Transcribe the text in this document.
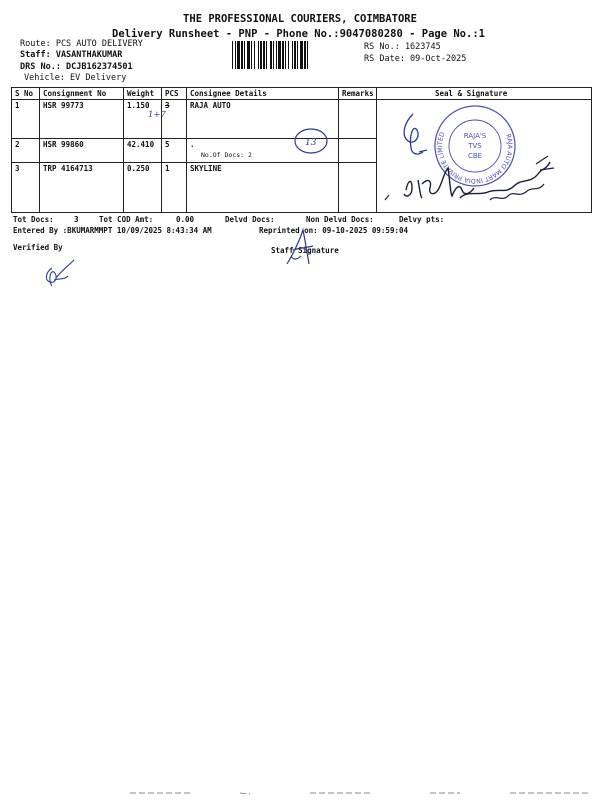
THE PROFESSIONAL COURIERS, COIMBATORE
Delivery Runsheet - PNP - Phone No.:9047080280 - Page No.:1
Route: PCS AUTO DELIVERY
Staff: VASANTHAKUMAR
DRS No.: DCJB162374501
Vehicle: EV Delivery
RS No.: 1623745
RS Date: 09-Oct-2025
S No	Consignment No	Weight	PCS	Consignee Details	Remarks	Seal & Signature
1	HSR 99773	1.150	3	RAJA AUTO		
2	HSR 99860	42.410	5	.
No.Of Docs: 2		

3	TRP 4164713	0.250	1	SKYLINE		
1+7
13
RAJA AUTO MART INDIA PRIVATE LIMITED	RAJA'S
TVS
CBE
Tot Docs:	3	Tot COD Amt:	0.00	Delvd Docs:	Non Delvd Docs:	Delvy pts:
Entered By :BKUMARMMPT 10/09/2025 8:43:34 AM	Reprinted on: 09-10-2025 09:59:04
Verified By	Staff Signature
